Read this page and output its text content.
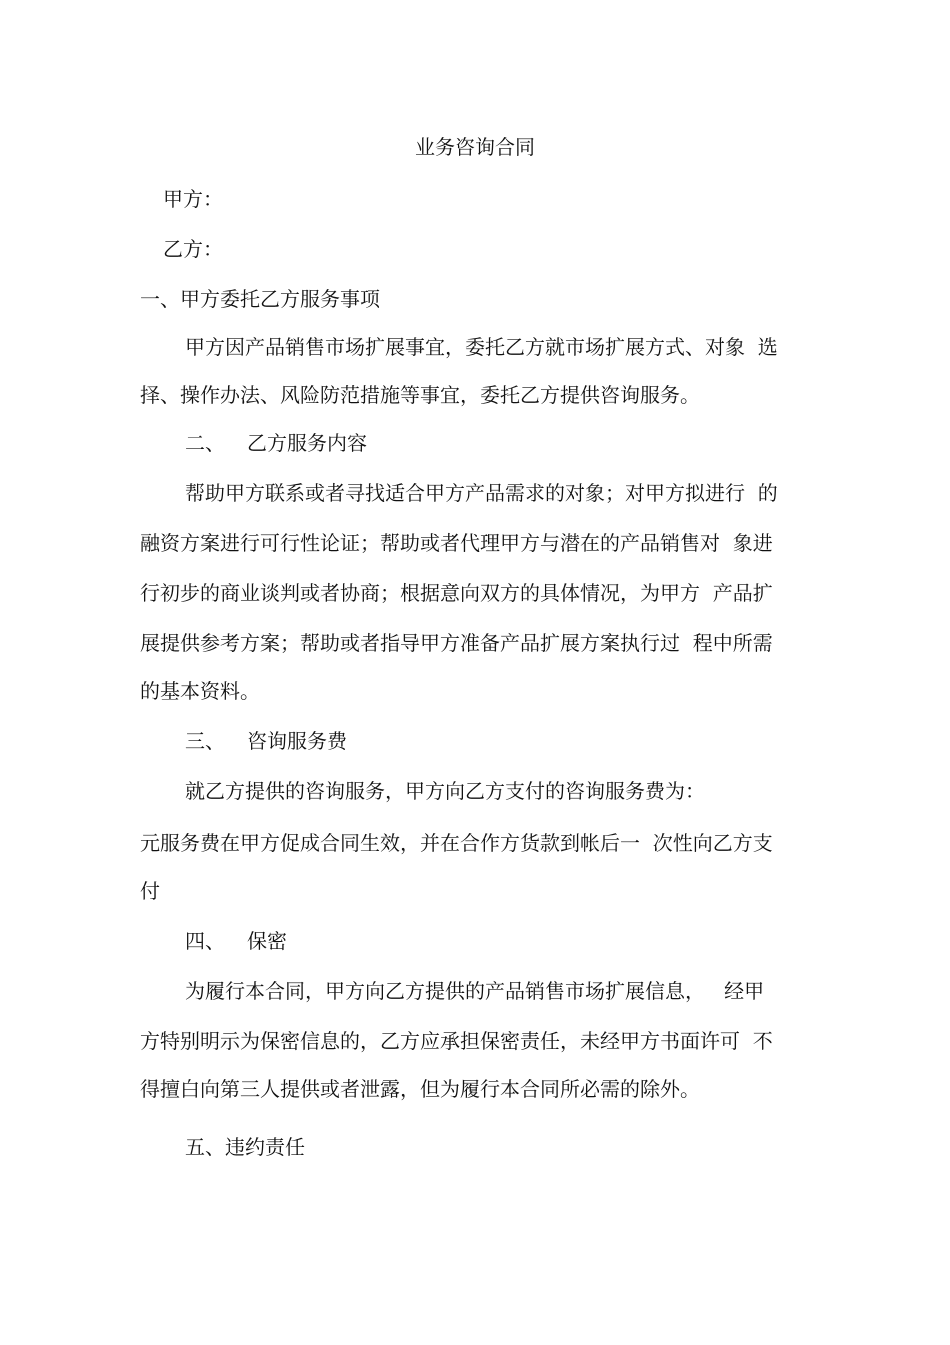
业务咨询合同

甲方：

乙方：

一、甲方委托乙方服务事项

甲方因产品销售市场扩展事宜，委托乙方就市场扩展方式、对象  选

择、操作办法、风险防范措施等事宜，委托乙方提供咨询服务。

二、 乙方服务内容

帮助甲方联系或者寻找适合甲方产品需求的对象；对甲方拟进行  的

融资方案进行可行性论证；帮助或者代理甲方与潜在的产品销售对  象进

行初步的商业谈判或者协商；根据意向双方的具体情况，为甲方  产品扩

展提供参考方案；帮助或者指导甲方准备产品扩展方案执行过  程中所需

的基本资料。

三、 咨询服务费

就乙方提供的咨询服务，甲方向乙方支付的咨询服务费为：

元服务费在甲方促成合同生效，并在合作方货款到帐后一  次性向乙方支

付

四、 保密

为履行本合同，甲方向乙方提供的产品销售市场扩展信息，   经甲

方特别明示为保密信息的，乙方应承担保密责任，未经甲方书面许可  不

得擅白向第三人提供或者泄露，但为履行本合同所必需的除外。

五、违约责任
